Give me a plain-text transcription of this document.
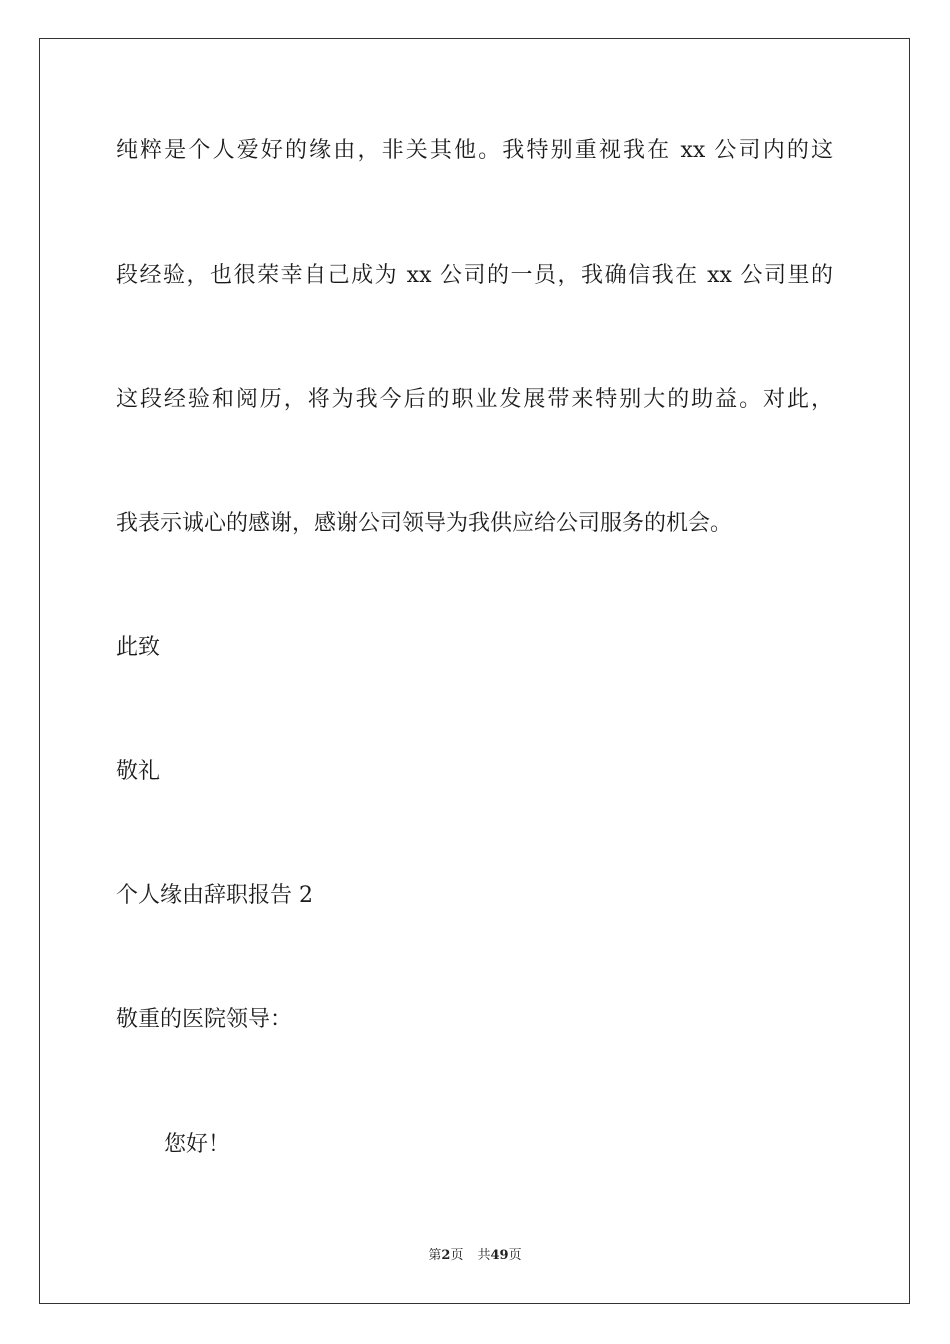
纯粹是个人爱好的缘由，非关其他。我特别重视我在 xx 公司内的这

段经验，也很荣幸自己成为 xx 公司的一员，我确信我在 xx 公司里的

这段经验和阅历，将为我今后的职业发展带来特别大的助益。对此，

我表示诚心的感谢，感谢公司领导为我供应给公司服务的机会。

此致

敬礼

个人缘由辞职报告 2

敬重的医院领导：

您好！

第2页 共49页
